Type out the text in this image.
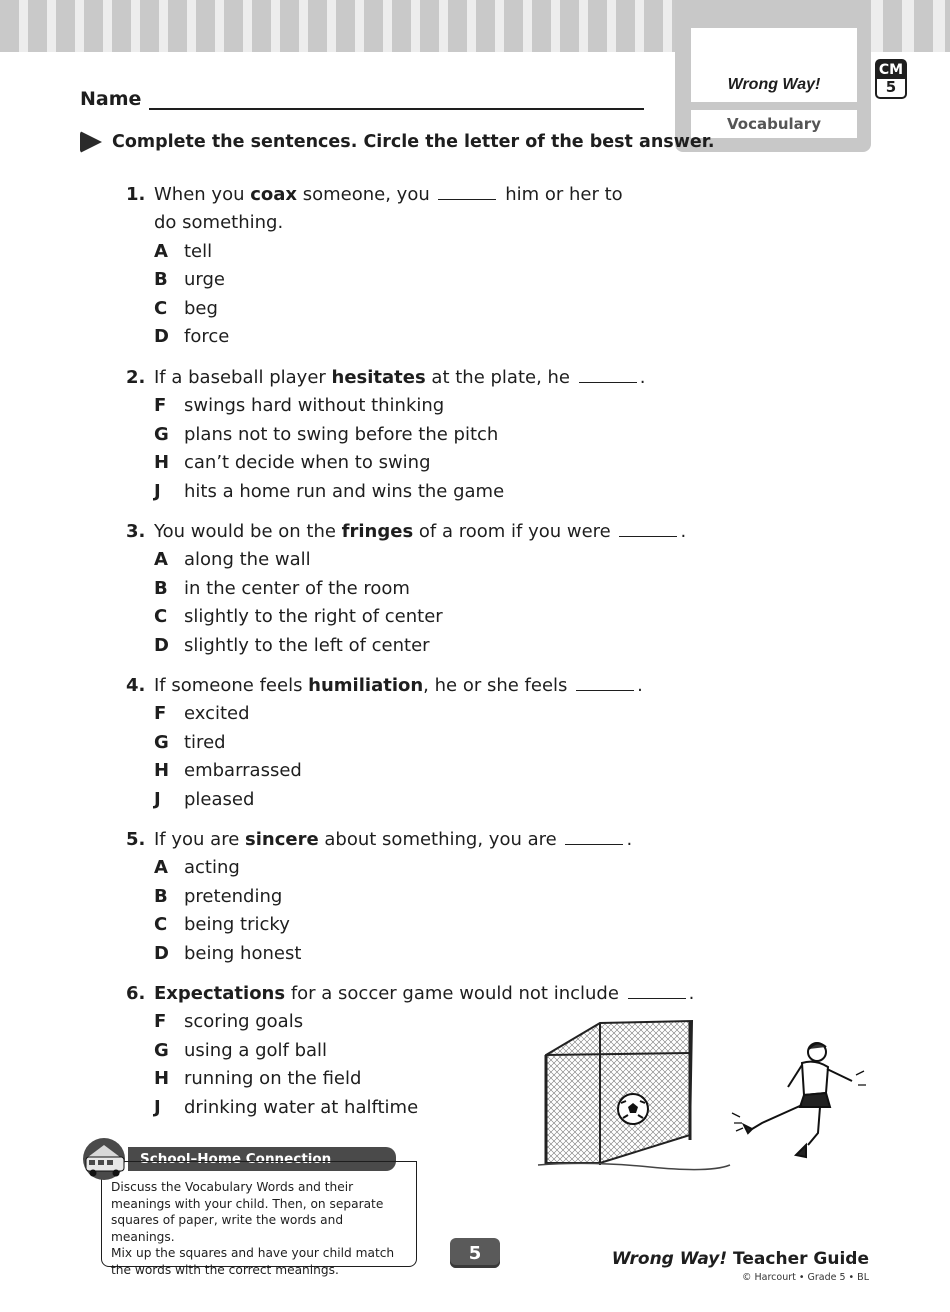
Wrong Way!
Vocabulary
CM
5
Name
Complete the sentences. Circle the letter of the best answer.
1. When you coax someone, you	him or her to
do something.
A tell
B urge
C beg
D force
2. If a baseball player hesitates at the plate, he	.
F swings hard without thinking
G plans not to swing before the pitch
H can’t decide when to swing
J	hits a home run and wins the game
3. You would be on the fringes of a room if you were	.
A along the wall
B in the center of the room
C slightly to the right of center
D slightly to the left of center
4. If someone feels humiliation, he or she feels	.
F excited
G tired
H embarrassed
J	pleased
5. If you are sincere about something, you are	.
A acting
B pretending
C being tricky
D being honest
6. Expectations for a soccer game would not include	.
F scoring goals
G using a golf ball
H running on the field
J	drinking water at halftime
School–Home Connection
Discuss the Vocabulary Words and their
meanings with your child. Then, on separate
squares of paper, write the words and meanings.
Mix up the squares and have your child match
the words with the correct meanings.
5	Wrong Way! Teacher Guide
© Harcourt • Grade 5 • BL
